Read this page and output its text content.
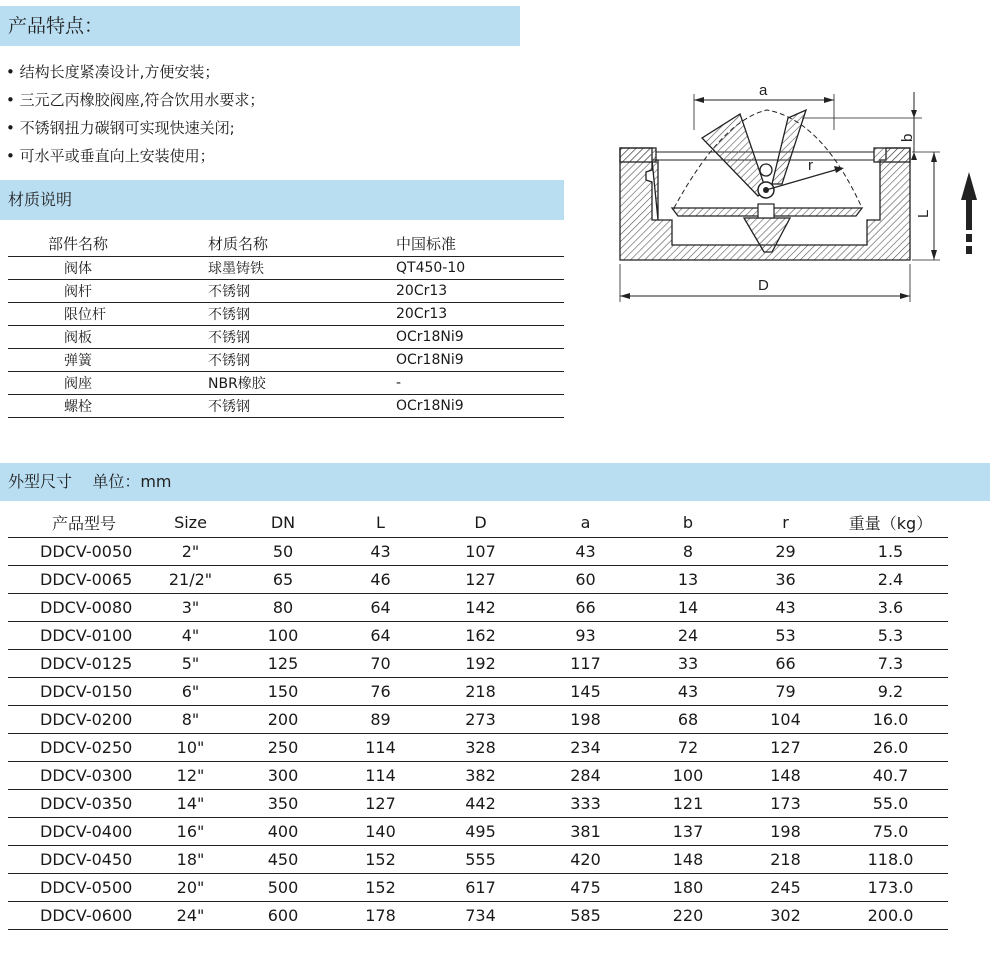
产品特点：
• 结构长度紧凑设计,方便安装；
• 三元乙丙橡胶阀座,符合饮用水要求；
• 不锈钢扭力碳钢可实现快速关闭;
• 可水平或垂直向上安装使用；
材质说明
部件名称	材质名称	中国标准
阀体	球墨铸铁	QT450-10
阀杆	不锈钢	20Cr13
限位杆	不锈钢	20Cr13
阀板	不锈钢	OCr18Ni9
弹簧	不锈钢	OCr18Ni9
阀座	NBR橡胶	-
螺栓	不锈钢	OCr18Ni9
a
b
L
r
D
外型尺寸    单位：mm
产品型号	Size	DN	L	D	a	b	r	重量（kg）
DDCV-0050	2"	50	43	107	43	8	29	1.5
DDCV-0065	21/2"	65	46	127	60	13	36	2.4
DDCV-0080	3"	80	64	142	66	14	43	3.6
DDCV-0100	4"	100	64	162	93	24	53	5.3
DDCV-0125	5"	125	70	192	117	33	66	7.3
DDCV-0150	6"	150	76	218	145	43	79	9.2
DDCV-0200	8"	200	89	273	198	68	104	16.0
DDCV-0250	10"	250	114	328	234	72	127	26.0
DDCV-0300	12"	300	114	382	284	100	148	40.7
DDCV-0350	14"	350	127	442	333	121	173	55.0
DDCV-0400	16"	400	140	495	381	137	198	75.0
DDCV-0450	18"	450	152	555	420	148	218	118.0
DDCV-0500	20"	500	152	617	475	180	245	173.0
DDCV-0600	24"	600	178	734	585	220	302	200.0
